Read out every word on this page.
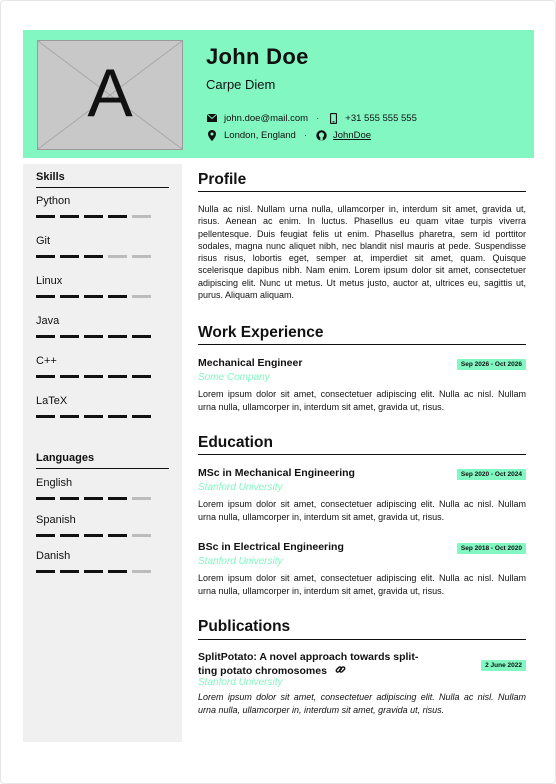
A	John Doe
Carpe Diem
john.doe@mail.com ·	+31 555 555 555
London, England ·	JohnDoe
Skills
Python
Git
Linux
Java
C++
LaTeX
Languages
English
Spanish
Danish
Profile
Nulla ac nisl. Nullam urna nulla, ullamcorper in, interdum sit amet, gravida ut, risus. Aenean ac enim. In luctus. Phasellus eu quam vitae turpis viverra pellentesque. Duis feugiat felis ut enim. Phasellus pharetra, sem id porttitor sodales, magna nunc aliquet nibh, nec blandit nisl mauris at pede. Suspendisse risus risus, lobortis eget, semper at, imperdiet sit amet, quam. Quisque scelerisque dapibus nibh. Nam enim. Lorem ipsum dolor sit amet, consectetuer adipiscing elit. Nunc ut metus. Ut metus justo, auctor at, ultrices eu, sagittis ut, purus. Aliquam aliquam.
Work Experience
Mechanical Engineer	Sep 2026 - Oct 2026
Some Company
Lorem ipsum dolor sit amet, consectetuer adipiscing elit. Nulla ac nisl. Nullam urna nulla, ullamcorper in, interdum sit amet, gravida ut, risus.
Education
MSc in Mechanical Engineering	Sep 2020 - Oct 2024
Stanford University
Lorem ipsum dolor sit amet, consectetuer adipiscing elit. Nulla ac nisl. Nullam urna nulla, ullamcorper in, interdum sit amet, gravida ut, risus.
BSc in Electrical Engineering	Sep 2018 - Oct 2020
Stanford University
Lorem ipsum dolor sit amet, consectetuer adipiscing elit. Nulla ac nisl. Nullam urna nulla, ullamcorper in, interdum sit amet, gravida ut, risus.
Publications
SplitPotato: A novel approach towards split-
ting potato chromosomes	2 June 2022
Stanford University
Lorem ipsum dolor sit amet, consectetuer adipiscing elit. Nulla ac nisl. Nullam urna nulla, ullamcorper in, interdum sit amet, gravida ut, risus.
